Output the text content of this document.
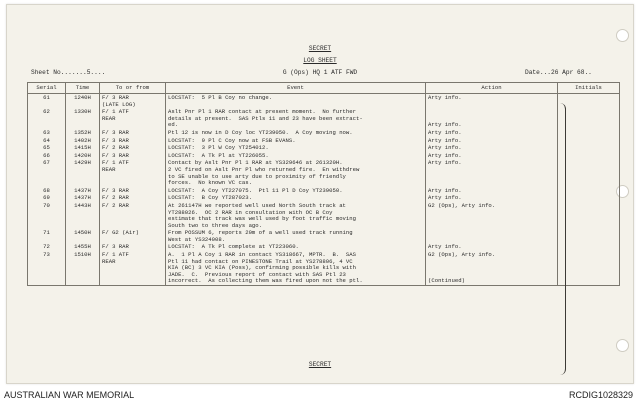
SECRET
LOG SHEET
Sheet No.......5....	G (Ops) HQ 1 ATF FWD	Date...26 Apr 68..
Serial	Time	To or from	Event	Action	Initials
61	1240H	F/ 3 RAR
(LATE LOG)	LOCSTAT:  5 Pl B Coy no change.	Arty info.	
62	1330H	F/ 1 ATF
REAR	Aslt Pnr Pl 1 RAR contact at present moment.  No further
details at present.  SAS Ptls 11 and 23 have been extract-
ed.	

Arty info.	
63	1352H	F/ 3 RAR	Ptl 12 is now in D Coy loc YT239050.  A Coy moving now.	Arty info.	
64	1402H	F/ 3 RAR	LOCSTAT:  9 Pl C Coy now at FSB EVANS.	Arty info.	
65	1415H	F/ 2 RAR	LOCSTAT:  3 Pl W Coy YT254012.	Arty info.	
66	1420H	F/ 3 RAR	LOCSTAT:  A Tk Pl at YT226055.	Arty info.	
67	1429H	F/ 1 ATF
REAR	Contact by Aslt Pnr Pl 1 RAR at YS329646 at 261320H.
2 VC fired on Aslt Pnr Pl who returned fire.  En withdrew
to SE unable to use arty due to proximity of friendly
forces.  No known VC cas.	Arty info.	
68	1437H	F/ 3 RAR	LOCSTAT:  A Coy YT227075.  Ptl 11 Pl D Coy YT239050.	Arty info.	
69	1437H	F/ 2 RAR	LOCSTAT:  B Coy YT287023.	Arty info.	
70	1443H	F/ 2 RAR	At 261147H we reported well used North South track at
YT288026.  OC 2 RAR in consultation with OC B Coy
estimate that track was well used by foot traffic moving
South two to three days ago.	G2 (Ops), Arty info.	
71	1450H	F/ G2 (Air)	From POSSUM 6, reports 20m of a well used track running
West at YS324008.		
72	1455H	F/ 3 RAR	LOCSTAT:  A Tk Pl complete at YT223060.	Arty info.	
73	1510H	F/ 1 ATF
REAR	A.  1 Pl A Coy 1 RAR in contact YS318667, MPTR.  B.  SAS
Ptl 11 had contact on PINESTONE Trail at YS278806, 4 VC
KIA (BC) 3 VC KIA (Poss), confirming possible kills with
JADE.  C.  Previous report of contact with SAS Ptl 23
incorrect.  As collecting them was fired upon not the ptl.	G2 (Ops), Arty info.

(Continued)	
SECRET
AUSTRALIAN WAR MEMORIAL	RCDIG1028329
